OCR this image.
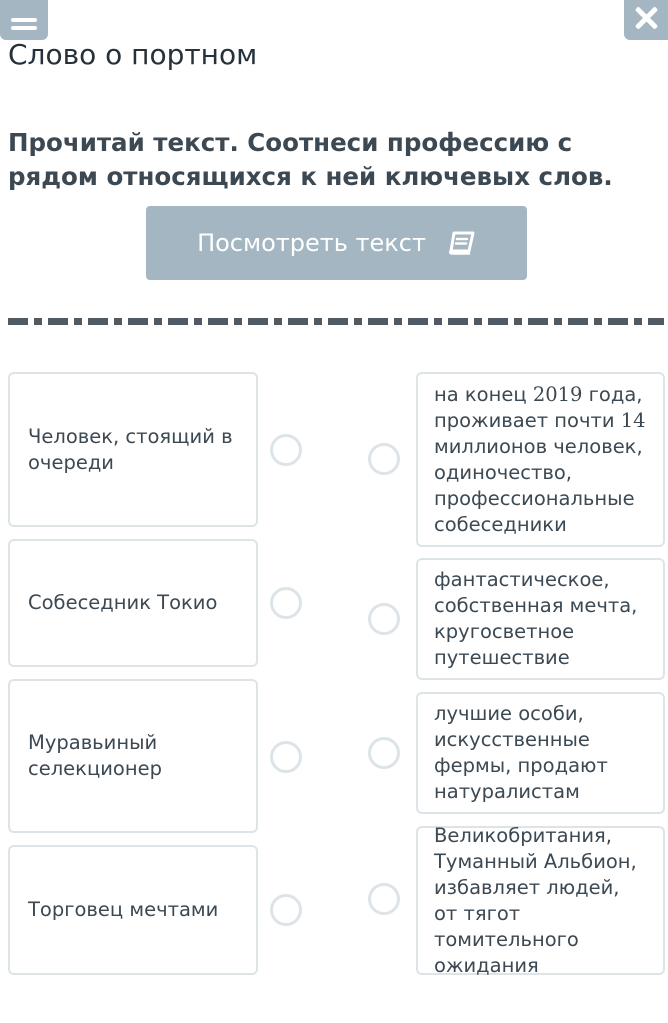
Слово о портном

Прочитай текст. Соотнеси профессию с рядом относящихся к ней ключевых слов.

Посмотреть текст
Человек, стоящий в очереди
Собеседник Токио
Муравьиный селекционер
Торговец мечтами
на конец 2019 года, проживает почти 14 миллионов человек, одиночество, профессиональные собеседники
фантастическое, собственная мечта, кругосветное путешествие
лучшие особи, искусственные фермы, продают натуралистам
Великобритания, Туманный Альбион, избавляет людей, от тягот томительного ожидания
